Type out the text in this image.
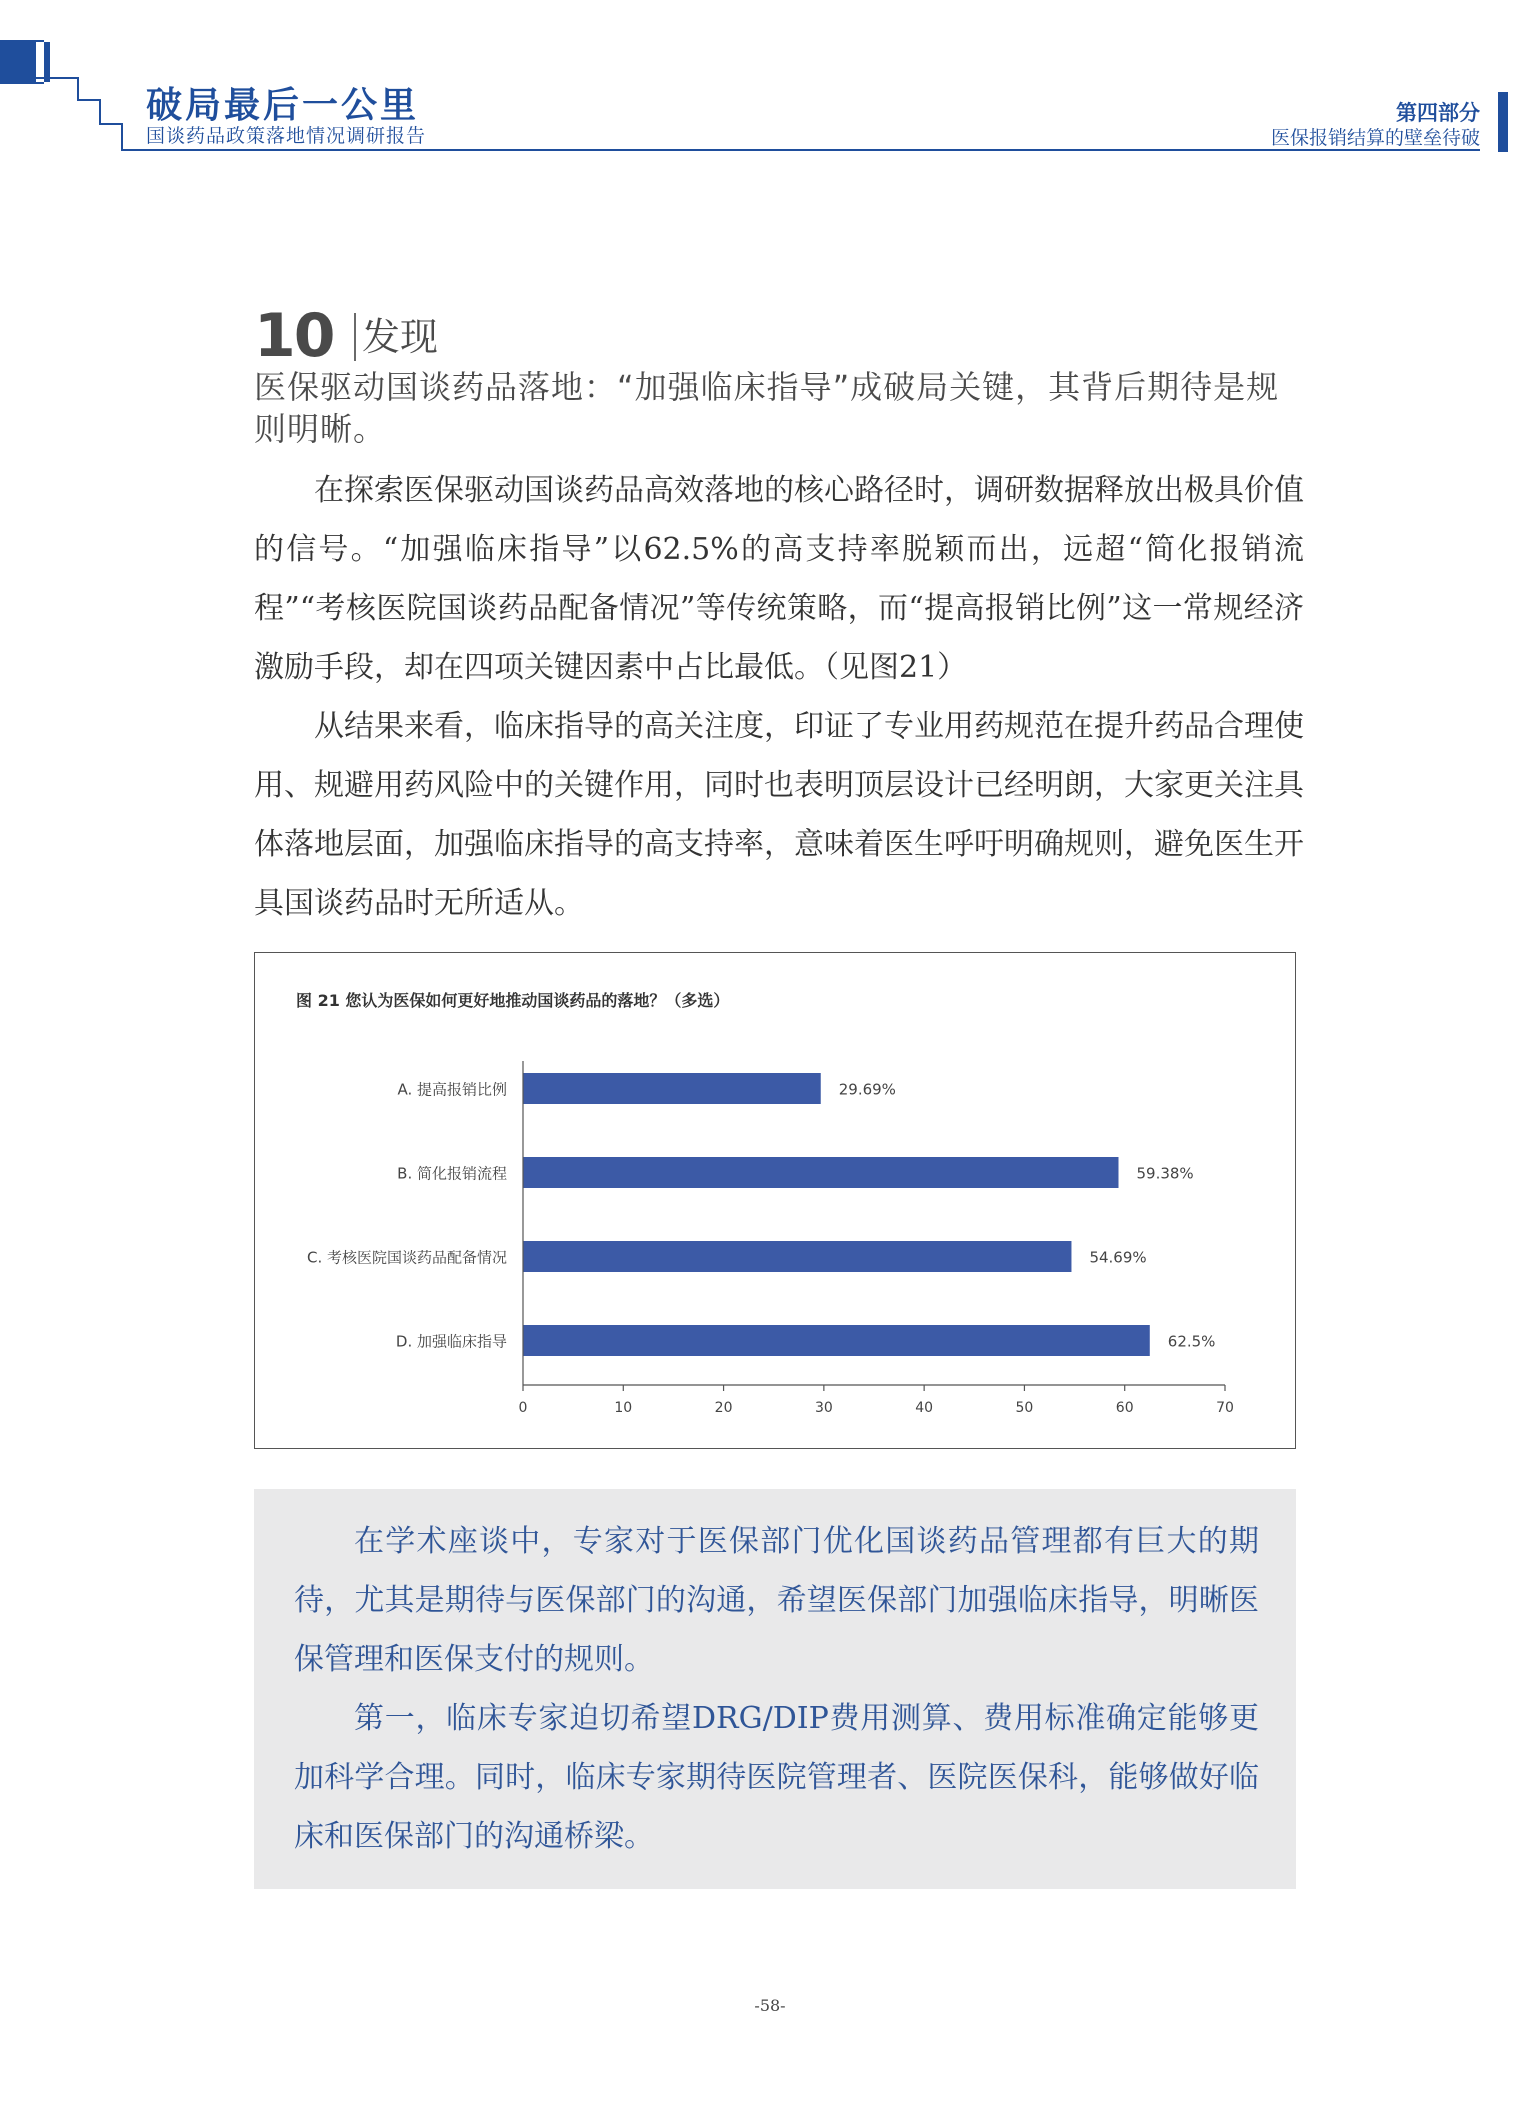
破局最后一公里
国谈药品政策落地情况调研报告
第四部分
医保报销结算的壁垒待破
10 发现
医保驱动国谈药品落地：“加强临床指导”成破局关键，其背后期待是规则明晰。

在探索医保驱动国谈药品高效落地的核心路径时，调研数据释放出极具价值的信号。“加强临床指导”以62.5%的高支持率脱颖而出，远超“简化报销流程”“考核医院国谈药品配备情况”等传统策略，而“提高报销比例”这一常规经济激励手段，却在四项关键因素中占比最低。（见图21）

从结果来看，临床指导的高关注度，印证了专业用药规范在提升药品合理使用、规避用药风险中的关键作用，同时也表明顶层设计已经明朗，大家更关注具体落地层面，加强临床指导的高支持率，意味着医生呼吁明确规则，避免医生开具国谈药品时无所适从。

图 21 您认为医保如何更好地推动国谈药品的落地？（多选）
A. 提高报销比例	29.69%
B. 简化报销流程	59.38%
C. 考核医院国谈药品配备情况	54.69%
D. 加强临床指导	62.5%
0	10	20	30	40	50	60	70

在学术座谈中，专家对于医保部门优化国谈药品管理都有巨大的期待，尤其是期待与医保部门的沟通，希望医保部门加强临床指导，明晰医保管理和医保支付的规则。

第一，临床专家迫切希望DRG/DIP费用测算、费用标准确定能够更加科学合理。同时，临床专家期待医院管理者、医院医保科，能够做好临床和医保部门的沟通桥梁。

-58-
